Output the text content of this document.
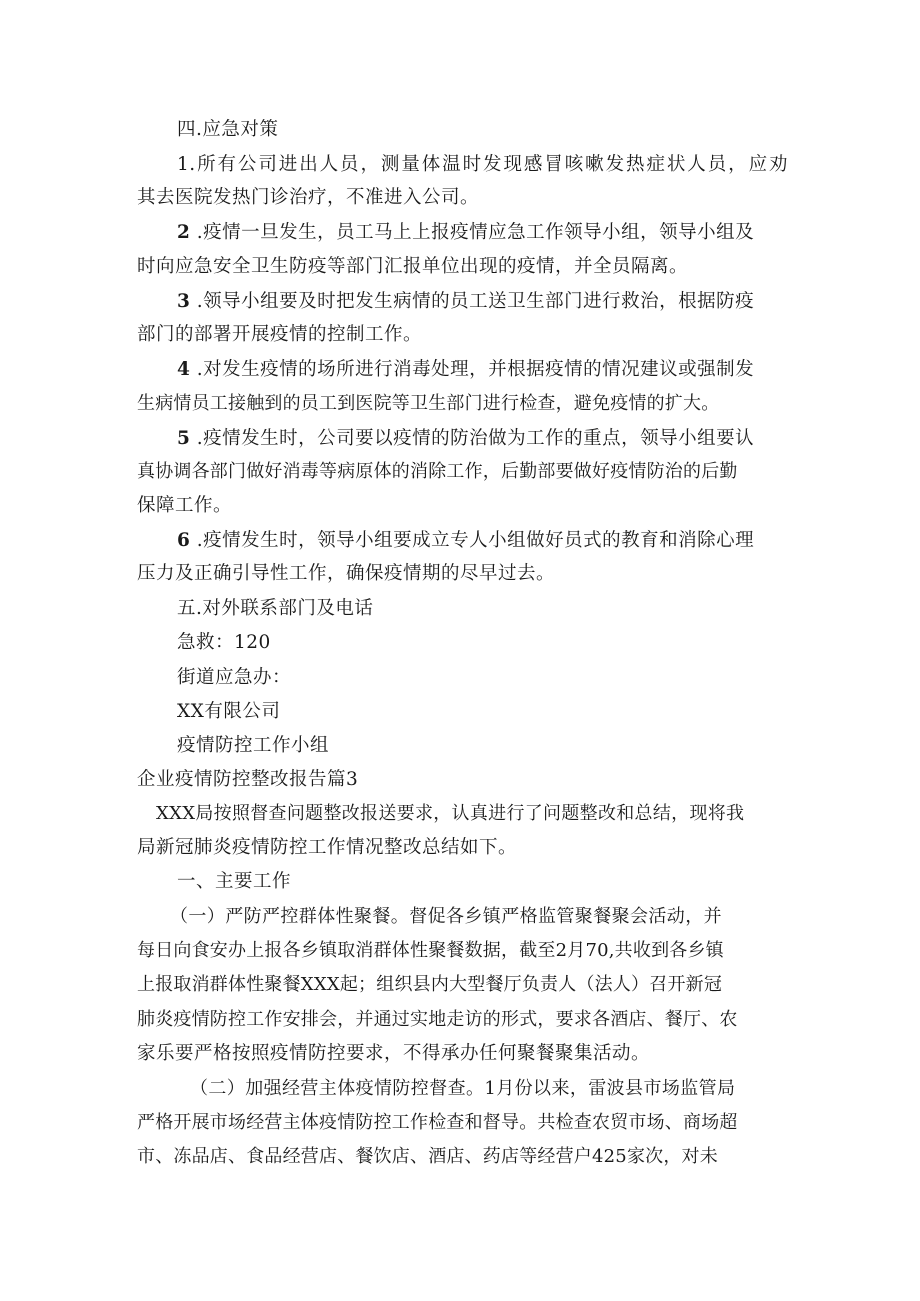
四.应急对策
1.所有公司进出人员，测量体温时发现感冒咳嗽发热症状人员，应劝
其去医院发热门诊治疗，不准进入公司。
2 .疫情一旦发生，员工马上上报疫情应急工作领导小组，领导小组及
时向应急安全卫生防疫等部门汇报单位出现的疫情，并全员隔离。
3 .领导小组要及时把发生病情的员工送卫生部门进行救治，根据防疫
部门的部署开展疫情的控制工作。
4 .对发生疫情的场所进行消毒处理，并根据疫情的情况建议或强制发
生病情员工接触到的员工到医院等卫生部门进行检查，避免疫情的扩大。
5 .疫情发生时，公司要以疫情的防治做为工作的重点，领导小组要认
真协调各部门做好消毒等病原体的消除工作，后勤部要做好疫情防治的后勤
保障工作。
6 .疫情发生时，领导小组要成立专人小组做好员式的教育和消除心理
压力及正确引导性工作，确保疫情期的尽早过去。
五.对外联系部门及电话
急救：120
街道应急办：
XX有限公司
疫情防控工作小组
企业疫情防控整改报告篇3
XXX局按照督查问题整改报送要求，认真进行了问题整改和总结，现将我
局新冠肺炎疫情防控工作情况整改总结如下。
一、主要工作
（一）严防严控群体性聚餐。督促各乡镇严格监管聚餐聚会活动，并
每日向食安办上报各乡镇取消群体性聚餐数据，截至2月70,共收到各乡镇
上报取消群体性聚餐XXX起；组织县内大型餐厅负责人（法人）召开新冠
肺炎疫情防控工作安排会，并通过实地走访的形式，要求各酒店、餐厅、农
家乐要严格按照疫情防控要求，不得承办任何聚餐聚集活动。
（二）加强经营主体疫情防控督查。1月份以来，雷波县市场监管局
严格开展市场经营主体疫情防控工作检查和督导。共检查农贸市场、商场超
市、冻品店、食品经营店、餐饮店、酒店、药店等经营户425家次，对未
